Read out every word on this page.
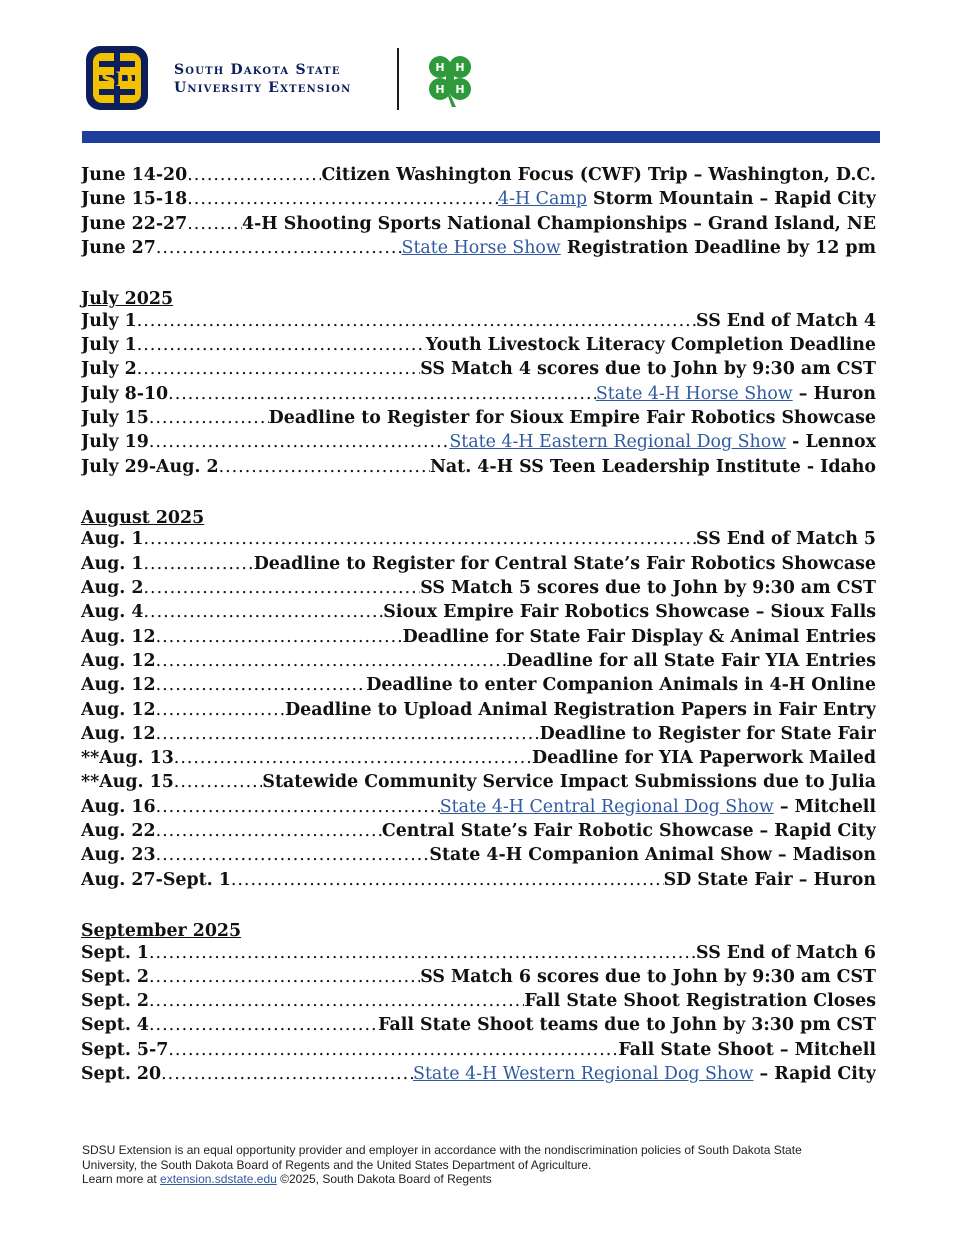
SD	South Dakota State
University Extension
H H
H H
June 14-20 .....	Citizen Washington Focus (CWF) Trip – Washington, D.C.
June 15-18 .....	4-H Camp Storm Mountain – Rapid City
June 22-27 .....	4-H Shooting Sports National Championships – Grand Island, NE
June 27 .....	State Horse Show Registration Deadline by 12 pm
July 2025
July 1 .....	SS End of Match 4
July 1 .....	Youth Livestock Literacy Completion Deadline
July 2 .....	SS Match 4 scores due to John by 9:30 am CST
July 8-10 .....	State 4-H Horse Show – Huron
July 15 .....	Deadline to Register for Sioux Empire Fair Robotics Showcase
July 19 .....	State 4-H Eastern Regional Dog Show - Lennox
July 29-Aug. 2 .....	Nat. 4-H SS Teen Leadership Institute - Idaho
August 2025
Aug. 1 .....	SS End of Match 5
Aug. 1 .....	Deadline to Register for Central State’s Fair Robotics Showcase
Aug. 2 .....	SS Match 5 scores due to John by 9:30 am CST
Aug. 4 .....	Sioux Empire Fair Robotics Showcase – Sioux Falls
Aug. 12 .....	Deadline for State Fair Display & Animal Entries
Aug. 12 .....	Deadline for all State Fair YIA Entries
Aug. 12 .....	Deadline to enter Companion Animals in 4-H Online
Aug. 12 .....	Deadline to Upload Animal Registration Papers in Fair Entry
Aug. 12 .....	Deadline to Register for State Fair
**Aug. 13 .....	Deadline for YIA Paperwork Mailed
**Aug. 15 .....	Statewide Community Service Impact Submissions due to Julia
Aug. 16 .....	State 4-H Central Regional Dog Show – Mitchell
Aug. 22 .....	Central State’s Fair Robotic Showcase – Rapid City
Aug. 23 .....	State 4-H Companion Animal Show – Madison
Aug. 27-Sept. 1 .....	SD State Fair – Huron
September 2025
Sept. 1 .....	SS End of Match 6
Sept. 2 .....	SS Match 6 scores due to John by 9:30 am CST
Sept. 2 .....	Fall State Shoot Registration Closes
Sept. 4 .....	Fall State Shoot teams due to John by 3:30 pm CST
Sept. 5-7 .....	Fall State Shoot – Mitchell
Sept. 20 .....	State 4-H Western Regional Dog Show – Rapid City
SDSU Extension is an equal opportunity provider and employer in accordance with the nondiscrimination policies of South Dakota State
University, the South Dakota Board of Regents and the United States Department of Agriculture.
Learn more at extension.sdstate.edu ©2025, South Dakota Board of Regents
